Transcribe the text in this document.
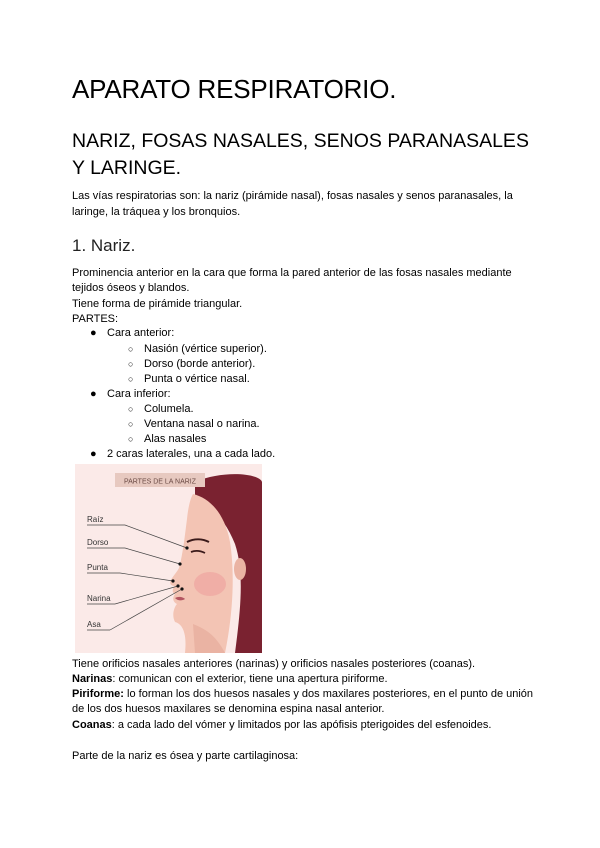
APARATO RESPIRATORIO.
NARIZ, FOSAS NASALES, SENOS PARANASALES Y LARINGE.
Las vías respiratorias son: la nariz (pirámide nasal), fosas nasales y senos paranasales, la laringe, la tráquea y los bronquios.
1. Nariz.
Prominencia anterior en la cara que forma la pared anterior de las fosas nasales mediante tejidos óseos y blandos.
Tiene forma de pirámide triangular.
PARTES:
● Cara anterior:
○ Nasión (vértice superior).
○ Dorso (borde anterior).
○ Punta o vértice nasal.
● Cara inferior:
○ Columela.
○ Ventana nasal o narina.
○ Alas nasales
● 2 caras laterales, una a cada lado.
PARTES DE LA NARIZ
Raíz
Dorso
Punta
Narina
Asa
Tiene orificios nasales anteriores (narinas) y orificios nasales posteriores (coanas).
Narinas: comunican con el exterior, tiene una apertura piriforme.
Piriforme: lo forman los dos huesos nasales y dos maxilares posteriores, en el punto de unión de los dos huesos maxilares se denomina espina nasal anterior.
Coanas: a cada lado del vómer y limitados por las apófisis pterigoides del esfenoides.
Parte de la nariz es ósea y parte cartilaginosa:
